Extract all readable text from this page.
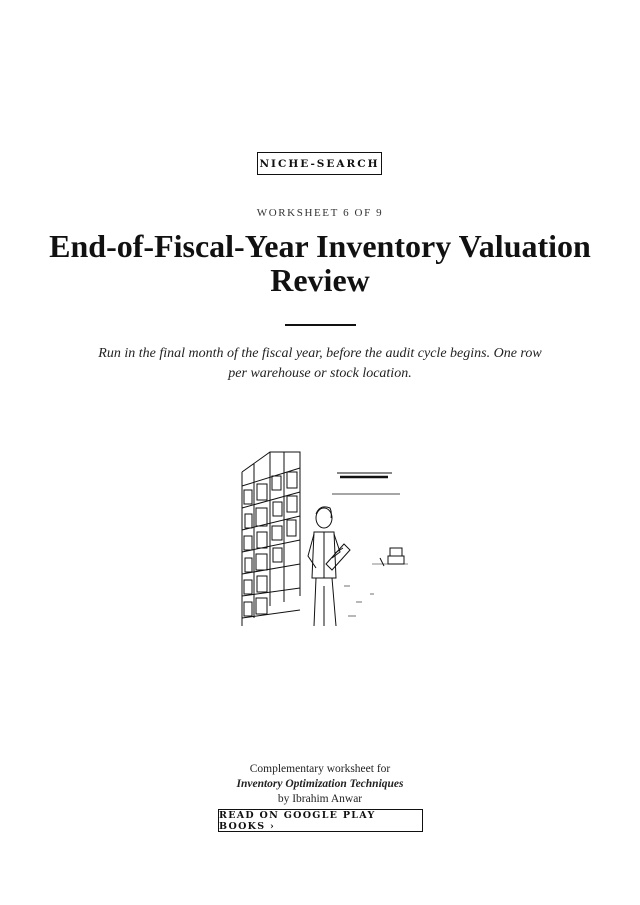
NICHE-SEARCH
WORKSHEET 6 OF 9
End-of-Fiscal-Year Inventory Valuation Review

Run in the final month of the fiscal year, before the audit cycle begins. One row per warehouse or stock location.

Complementary worksheet for
Inventory Optimization Techniques
by Ibrahim Anwar
READ ON GOOGLE PLAY BOOKS ›
